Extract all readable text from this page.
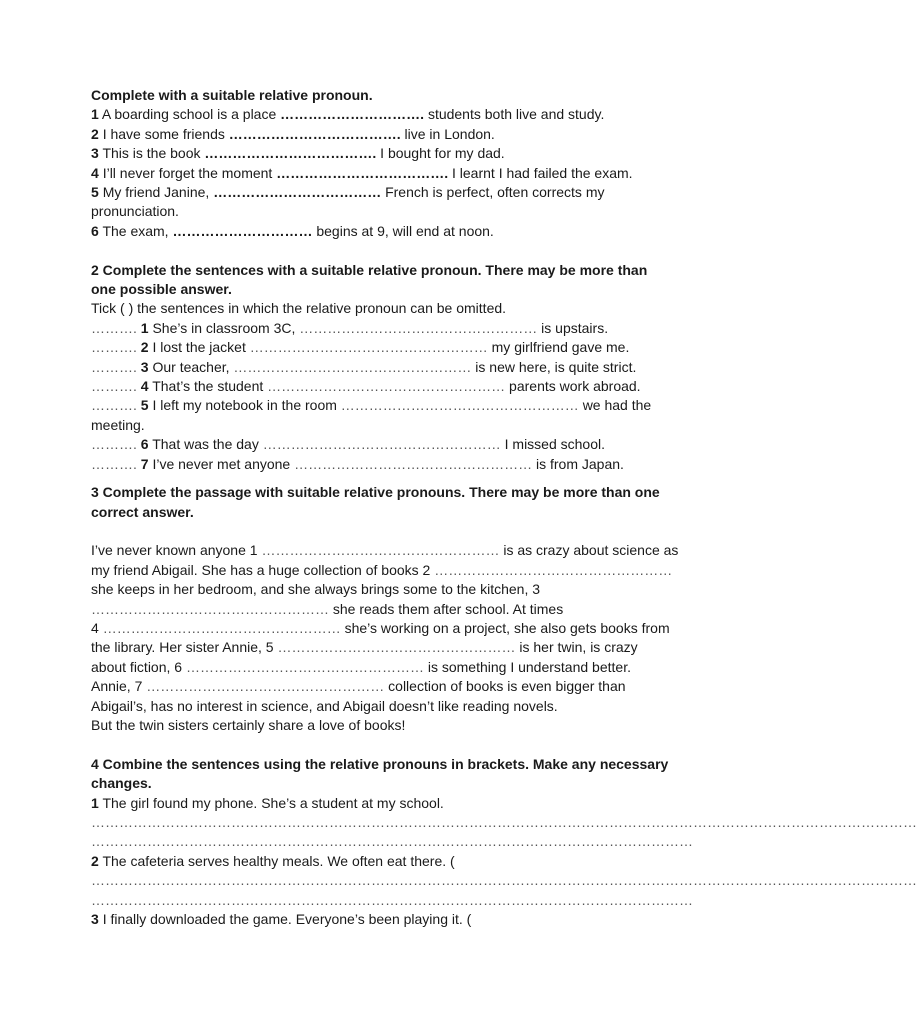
Complete with a suitable relative pronoun.
1 A boarding school is a place …………………………. students both live and study.
2 I have some friends ………………………………. live in London.
3 This is the book ………………………………. I bought for my dad.
4 I’ll never forget the moment ………………………………. I learnt I had failed the exam.
5 My friend Janine, ……………………………… French is perfect, often corrects my pronunciation.
6 The exam, ………………………… begins at 9, will end at noon.
2 Complete the sentences with a suitable relative pronoun. There may be more than one possible answer.
Tick ( ) the sentences in which the relative pronoun can be omitted.
………. 1 She’s in classroom 3C, …………………………………………… is upstairs.
………. 2 I lost the jacket …………………………………………… my girlfriend gave me.
………. 3 Our teacher, …………………………………………… is new here, is quite strict.
………. 4 That’s the student …………………………………………… parents work abroad.
………. 5 I left my notebook in the room …………………………………………… we had the meeting.
………. 6 That was the day …………………………………………… I missed school.
………. 7 I’ve never met anyone …………………………………………… is from Japan.
3 Complete the passage with suitable relative pronouns. There may be more than one correct answer.
I’ve never known anyone 1 …………………………………………… is as crazy about science as
my friend Abigail. She has a huge collection of books 2 ……………………………………………
she keeps in her bedroom, and she always brings some to the kitchen, 3
…………………………………………… she reads them after school. At times
4 …………………………………………… she’s working on a project, she also gets books from
the library. Her sister Annie, 5 …………………………………………… is her twin, is crazy
about fiction, 6 …………………………………………… is something I understand better.
Annie, 7 …………………………………………… collection of books is even bigger than
Abigail’s, has no interest in science, and Abigail doesn’t like reading novels.
But the twin sisters certainly share a love of books!
4 Combine the sentences using the relative pronouns in brackets. Make any necessary changes.
1 The girl found my phone. She’s a student at my school.
……………………………………………………………………………………………………………………………………………………………
…………………………………………………………………………………………………………………
2 The cafeteria serves healthy meals. We often eat there. (
……………………………………………………………………………………………………………………………………………………………
…………………………………………………………………………………………………………………
3 I finally downloaded the game. Everyone’s been playing it. (
